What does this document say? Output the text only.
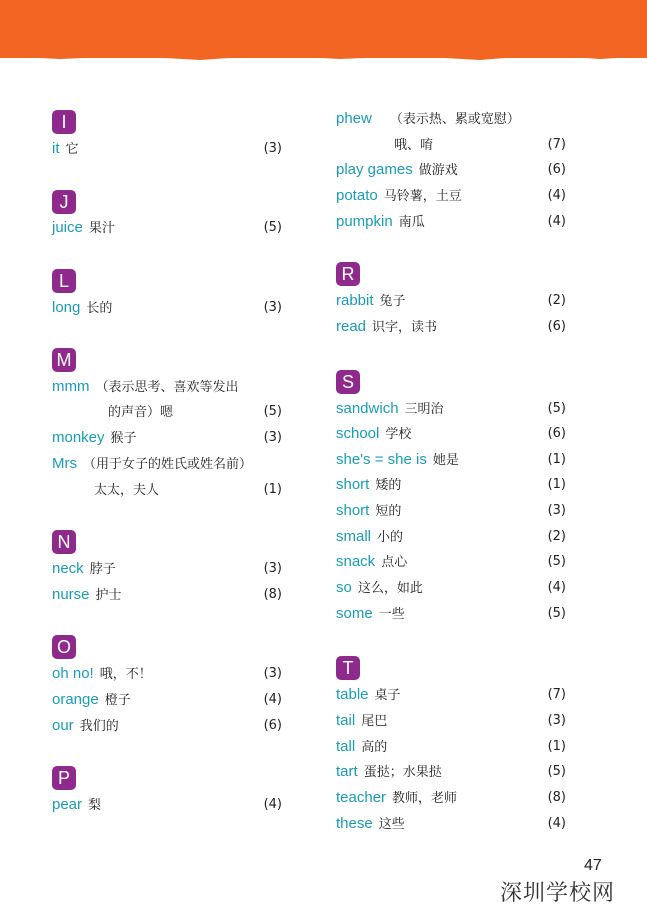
I
it 它	(3)
J
juice 果汁	(5)
L
long 长的	(3)
M
mmm （表示思考、喜欢等发出
的声音）嗯	(5)
monkey 猴子	(3)
Mrs （用于女子的姓氏或姓名前）
太太，夫人	(1)
N
neck 脖子	(3)
nurse 护士	(8)
O
oh no! 哦，不！	(3)
orange 橙子	(4)
our 我们的	(6)
P
pear 梨	(4)
phew （表示热、累或宽慰）
哦、唷	(7)
play games 做游戏	(6)
potato 马铃薯，土豆	(4)
pumpkin 南瓜	(4)
R
rabbit 兔子	(2)
read 识字，读书	(6)
S
sandwich 三明治	(5)
school 学校	(6)
she's = she is 她是	(1)
short 矮的	(1)
short 短的	(3)
small 小的	(2)
snack 点心	(5)
so 这么，如此	(4)
some 一些	(5)
T
table 桌子	(7)
tail 尾巴	(3)
tall 高的	(1)
tart 蛋挞；水果挞	(5)
teacher 教师，老师	(8)
these 这些	(4)
47
深圳学校网
